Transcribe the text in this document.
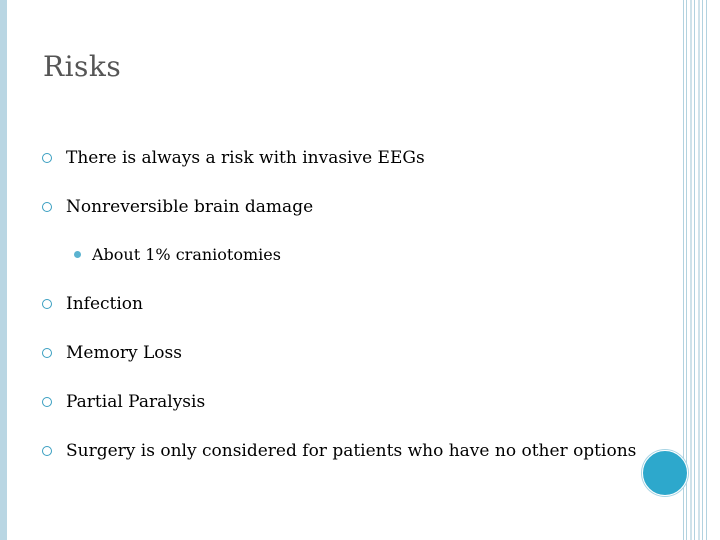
Risks
There is always a risk with invasive EEGs
Nonreversible brain damage
About 1% craniotomies
Infection
Memory Loss
Partial Paralysis
Surgery is only considered for patients who have no other options
